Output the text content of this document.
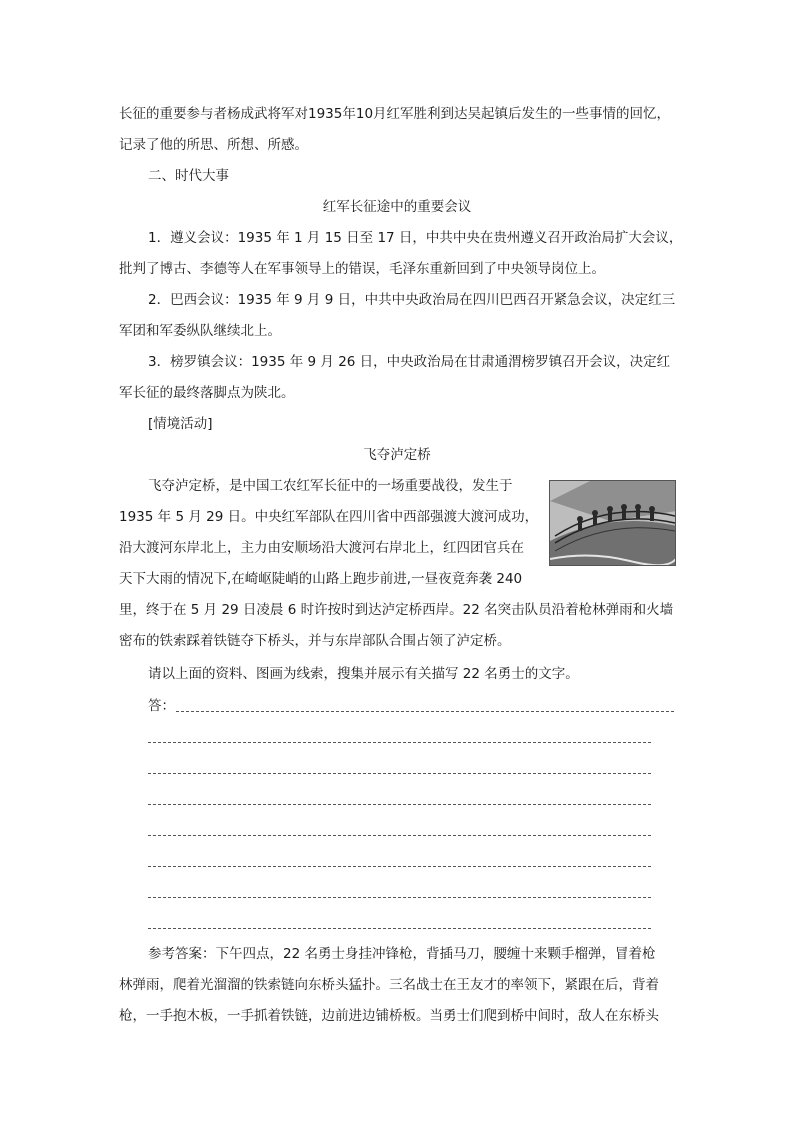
长征的重要参与者杨成武将军对1935年10月红军胜利到达吴起镇后发生的一些事情的回忆，
记录了他的所思、所想、所感。
二、时代大事
红军长征途中的重要会议
1．遵义会议：1935 年 1 月 15 日至 17 日，中共中央在贵州遵义召开政治局扩大会议，
批判了博古、李德等人在军事领导上的错误，毛泽东重新回到了中央领导岗位上。
2．巴西会议：1935 年 9 月 9 日，中共中央政治局在四川巴西召开紧急会议，决定红三
军团和军委纵队继续北上。
3．榜罗镇会议：1935 年 9 月 26 日，中央政治局在甘肃通渭榜罗镇召开会议，决定红
军长征的最终落脚点为陕北。
[情境活动]
飞夺泸定桥
飞夺泸定桥，是中国工农红军长征中的一场重要战役，发生于
1935 年 5 月 29 日。中央红军部队在四川省中西部强渡大渡河成功，
沿大渡河东岸北上，主力由安顺场沿大渡河右岸北上，红四团官兵在
天下大雨的情况下,在崎岖陡峭的山路上跑步前进,一昼夜竟奔袭 240
里，终于在 5 月 29 日凌晨 6 时许按时到达泸定桥西岸。22 名突击队员沿着枪林弹雨和火墙
密布的铁索踩着铁链夺下桥头，并与东岸部队合围占领了泸定桥。
请以上面的资料、图画为线索，搜集并展示有关描写 22 名勇士的文字。
答：
参考答案：下午四点，22 名勇士身挂冲锋枪，背插马刀，腰缠十来颗手榴弹，冒着枪
林弹雨，爬着光溜溜的铁索链向东桥头猛扑。三名战士在王友才的率领下，紧跟在后，背着
枪，一手抱木板，一手抓着铁链，边前进边铺桥板。当勇士们爬到桥中间时，敌人在东桥头
